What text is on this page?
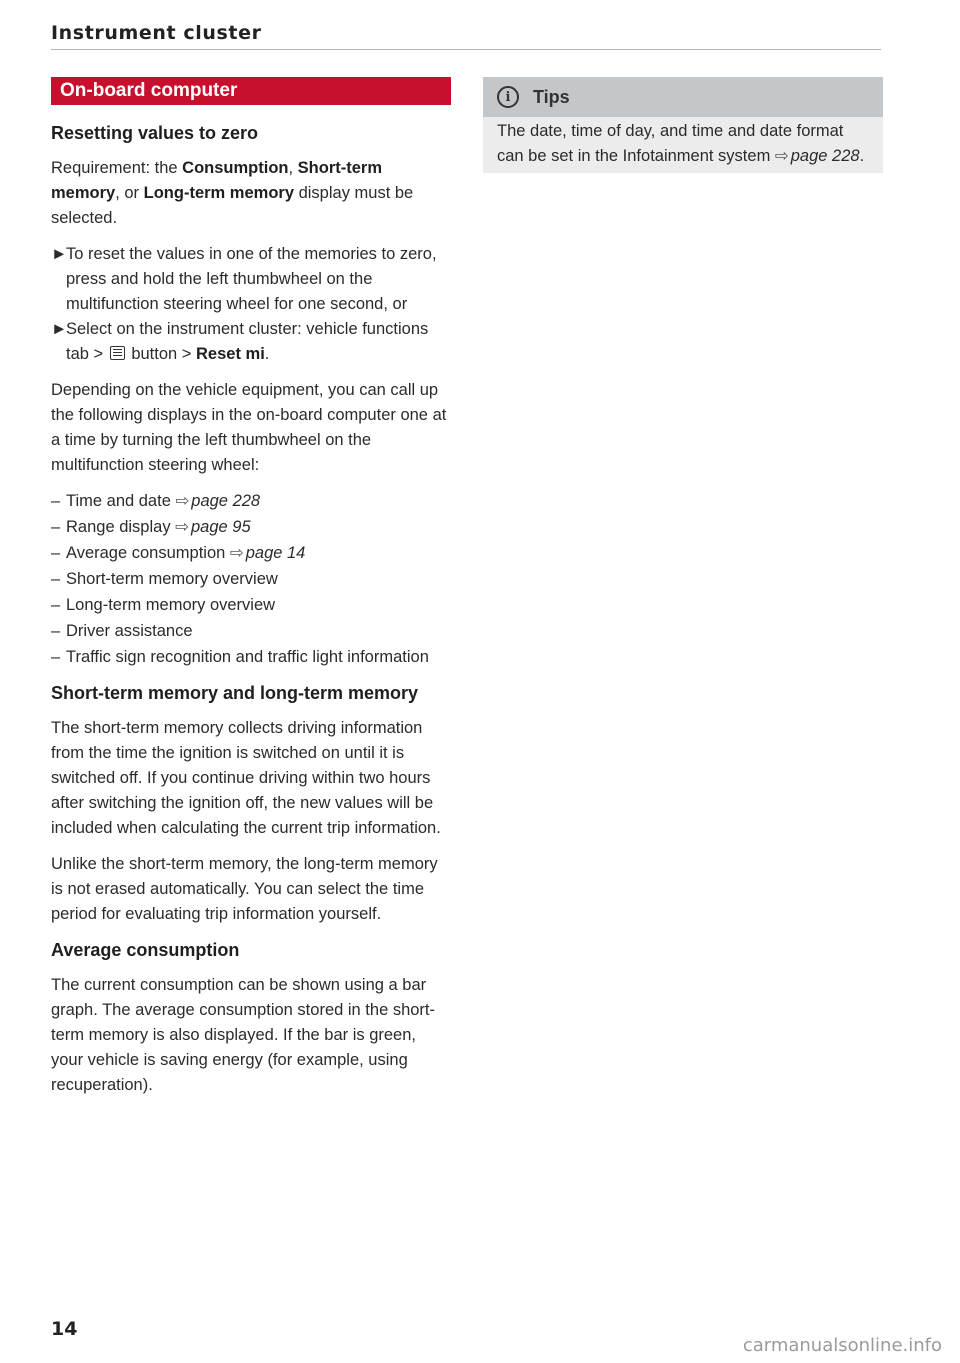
Instrument cluster
On-board computer
Resetting values to zero

Requirement: the Consumption, Short-term memory, or Long-term memory display must be selected.

►
To reset the values in one of the memories to zero, press and hold the left thumbwheel on the multifunction steering wheel for one second, or
►
Select on the instrument cluster: vehicle functions tab >  button > Reset mi.

Depending on the vehicle equipment, you can call up the following displays in the on-board computer one at a time by turning the left thumbwheel on the multifunction steering wheel:

– Time and date ⇨ page 228
– Range display ⇨ page 95
– Average consumption ⇨ page 14
– Short-term memory overview
– Long-term memory overview
– Driver assistance
– Traffic sign recognition and traffic light information
Short-term memory and long-term memory

The short-term memory collects driving information from the time the ignition is switched on until it is switched off. If you continue driving within two hours after switching the ignition off, the new values will be included when calculating the current trip information.

Unlike the short-term memory, the long-term memory is not erased automatically. You can select the time period for evaluating trip information yourself.

Average consumption

The current consumption can be shown using a bar graph. The average consumption stored in the short-term memory is also displayed. If the bar is green, your vehicle is saving energy (for example, using recuperation).

i	Tips
The date, time of day, and time and date format can be set in the Infotainment system ⇨ page 228.
14
carmanualsonline.info
